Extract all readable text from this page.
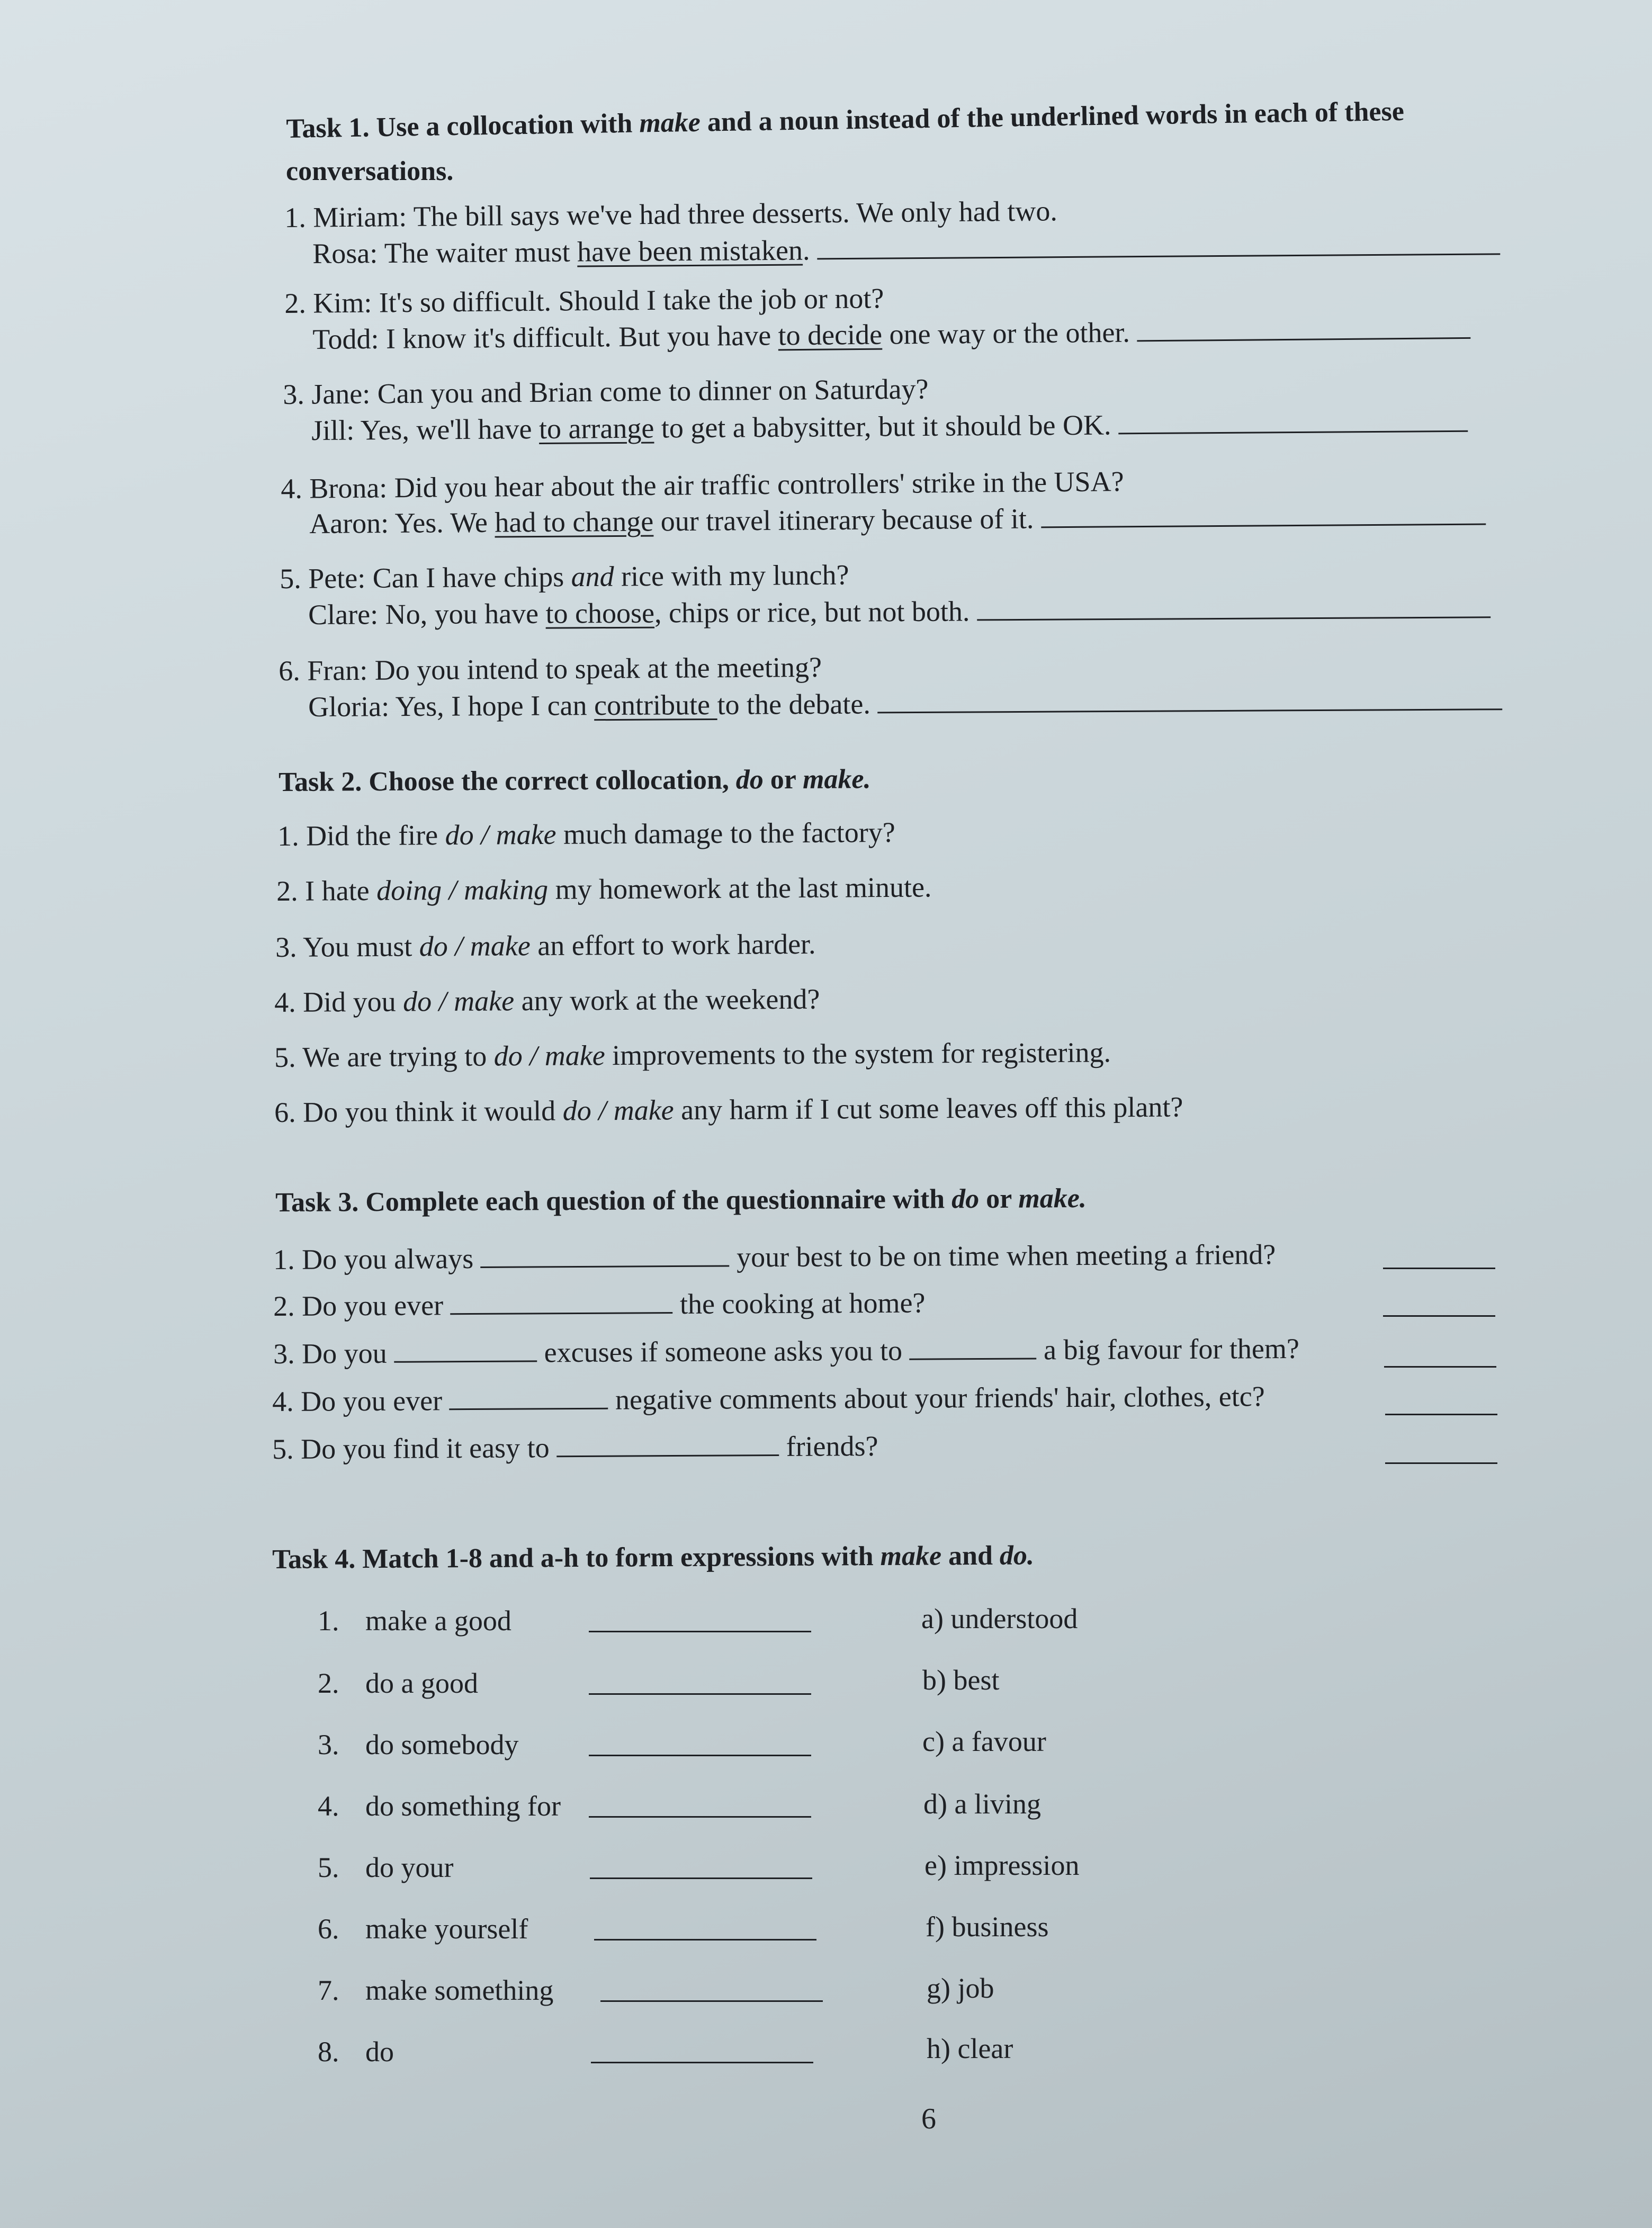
Task 1. Use a collocation with make and a noun instead of the underlined words in each of these
conversations.
1. Miriam: The bill says we've had three desserts. We only had two.
Rosa: The waiter must have been mistaken.
2. Kim: It's so difficult. Should I take the job or not?
Todd: I know it's difficult. But you have to decide one way or the other.
3. Jane: Can you and Brian come to dinner on Saturday?
Jill: Yes, we'll have to arrange to get a babysitter, but it should be OK.
4. Brona: Did you hear about the air traffic controllers' strike in the USA?
Aaron: Yes. We had to change our travel itinerary because of it.
5. Pete: Can I have chips and rice with my lunch?
Clare: No, you have to choose, chips or rice, but not both.
6. Fran: Do you intend to speak at the meeting?
Gloria: Yes, I hope I can contribute to the debate.
Task 2. Choose the correct collocation, do or make.
1. Did the fire do / make much damage to the factory?
2. I hate doing / making my homework at the last minute.
3. You must do / make an effort to work harder.
4. Did you do / make any work at the weekend?
5. We are trying to do / make improvements to the system for registering.
6. Do you think it would do / make any harm if I cut some leaves off this plant?
Task 3. Complete each question of the questionnaire with do or make.
1. Do you always	your best to be on time when meeting a friend?
2. Do you ever	the cooking at home?
3. Do you	excuses if someone asks you to	a big favour for them?
4. Do you ever	negative comments about your friends' hair, clothes, etc?
5. Do you find it easy to	friends?
Task 4. Match 1-8 and a-h to form expressions with make and do.
1. make a good	a) understood
2. do a good	b) best
3. do somebody	c) a favour
4. do something for	d) a living
5. do your	e) impression
6. make yourself	f) business
7. make something	g) job
8. do	h) clear
6
